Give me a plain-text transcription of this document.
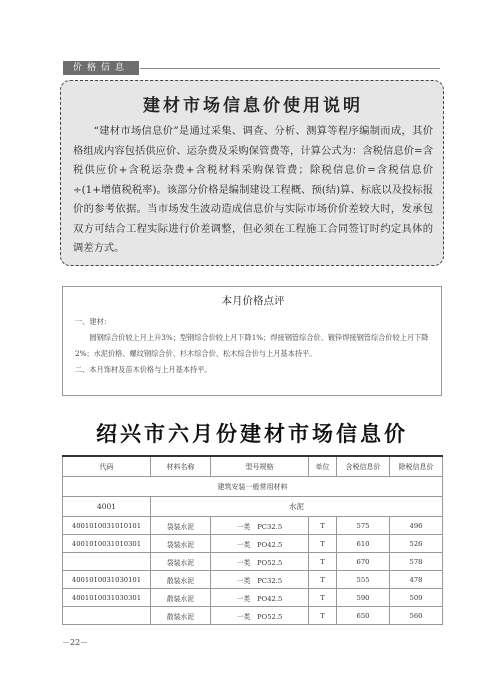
价格信息
建材市场信息价使用说明

“建材市场信息价”是通过采集、调查、分析、测算等程序编制而成，其价格组成内容包括供应价、运杂费及采购保管费等，计算公式为：含税信息价=含税供应价+含税运杂费+含税材料采购保管费；除税信息价=含税信息价÷(1+增值税税率)。该部分价格是编制建设工程概、预(结)算、标底以及投标报价的参考依据。当市场发生波动造成信息价与实际市场价价差较大时，发承包双方可结合工程实际进行价差调整，但必须在工程施工合同签订时约定具体的调差方式。

本月价格点评

一、建材：

圆钢综合价较上月上升3%；型钢综合价较上月下降1%；焊接钢管综合价、镀锌焊接钢管综合价较上月下降2%；水泥价格、螺纹钢综合价、杉木综合价、松木综合价与上月基本持平。

二、本月饰材及苗木价格与上月基本持平。

绍兴市六月份建材市场信息价
代码	材料名称	型号规格	单位	含税信息价	除税信息价
建筑安装一般常用材料					
4001	水泥				
4001010031010101	袋装水泥	一类　PC32.5	T	575	496
4001010031010301	袋装水泥	一类　PO42.5	T	610	526
	袋装水泥	一类　PO52.5	T	670	578
4001010031030101	散装水泥	一类　PC32.5	T	555	478
4001010031030301	散装水泥	一类　PO42.5	T	590	509
	散装水泥	一类　PO52.5	T	650	560
－22－
